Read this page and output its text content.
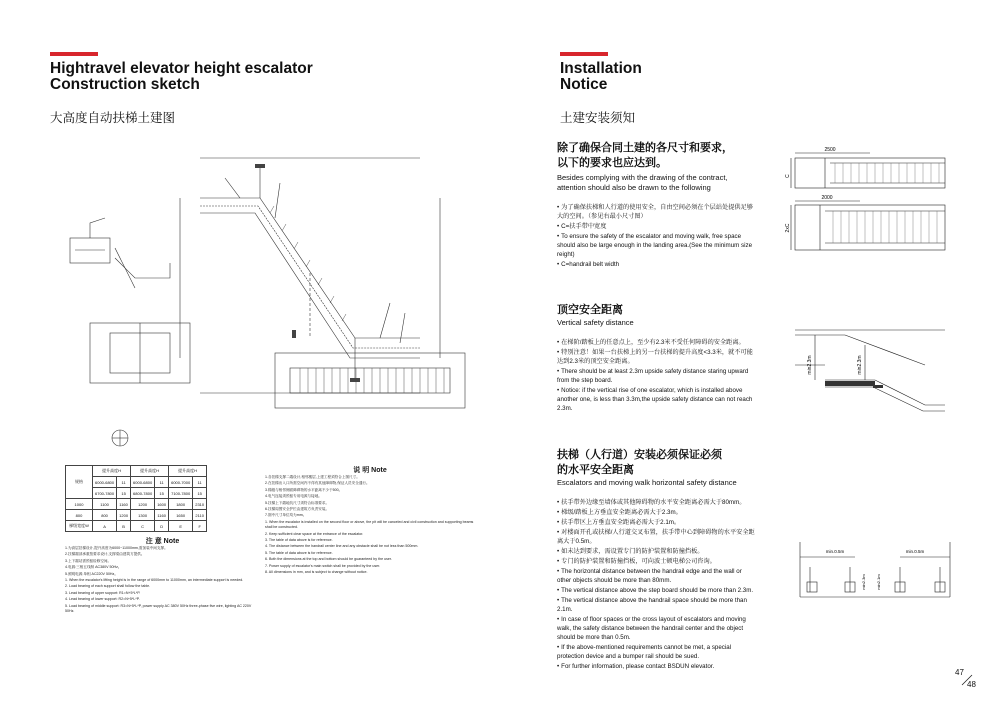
Hightravel elevator height escalator
Construction sketch
大高度自动扶梯土建图
规格	提升高度H		提升高度H		提升高度H	
	6000-6800	11	6000-6800	11	6000-7000	11
	6700-7800	15	6800-7800	15	7100-7800	15
1000	1100	1160	1200	1600	1800	2310
800	800	1200	1300	1160	1650	2110
梯级宽度W	A	B	C	D	E	F
注 意 Note

1.为高层扶梯设计,提升高度为6000~11000mm,需加装中间支撑。

2.扶梯端部承重按要求设计,支撑梁由建筑方提供。

3.上下端站需预留检修空间。

4.电源:三相五线制 AC380V 50Hz。

5.照明电源:单相 AC220V 50Hz。

1. When the escalator's lifting height is in the range of 6000mm to 11000mm, an intermediate support is needed.

2. Load bearing of each support shall follow the table.

3. Lead bearing of upper support: R1=N+5*L*P.

4. Lead bearing of lower support: R2=N+5*L*P.

5. Load bearing of middle support: R3=N+5*L*P, power supply AC 380V 50Hz three-phase five wire, lighting AC 220V 50Hz.

说 明 Note

1.各扶梯支撑二端设计,相邻楼层,上建工程须符合上图尺寸。

2.在扶梯出入口所需空间内不得有其他障碍物,保证人员安全通行。

3.梯级与相邻侧面障碍物的水平距离不少于500。

4.电气连接须预留专用电源与接地。

5.扶梯上下端地坑尺寸须符合标准要求。

6.扶梯周围安全护栏由建筑方负责安装。

7.图中尺寸单位均为mm。

1. When the escalator is installed on the second floor or above, the pit will be canceled and civil construction and supporting beams shall be constructed.

2. Keep sufficient clear space at the entrance of the escalator.

3. The table of data above is for reference.

4. The distance between the handrail center line and any obstacle shall be not less than 500mm.

5. The table of data above is for reference.

6. Both the dimensions at the top and bottom should be guaranteed by the user.

7. Power supply of escalator's main switch shall be provided by the user.

8. All dimensions in mm, and is subject to change without notice.

Installation
Notice
土建安装须知
除了确保合同土建的各尺寸和要求，
以下的要求也应达到。
Besides complying with the drawing of the contract,
attention should also be drawn to the following
• 为了确保扶梯和人行道的使用安全，自由空间必须在个层站处提供足够大的空间。（参见右最小尺寸图）
• C=扶手带中宽度
• To ensure the safety of the escalator and moving walk, free space should also be large enough in the landing area.(See the minimum size reight)
• C=handrail belt width
顶空安全距离
Vertical safety distance
• 在梯阶/踏板上的任意点上，至少有2.3米不受任何障碍的安全距离。
• 特别注意！如果一台扶梯上的另一台扶梯的提升高度<3.3米，就不可能达到2.3米的顶空安全距离。
• There should be at least 2.3m upside safety distance staring upward from the step board.
• Notice: if the vertical rise of one escalator, which is installed above another one, is less than 3.3m,the upside safety distance can not reach 2.3m.
扶梯（人行道）安装必须保证必须
的水平安全距离
Escalators and moving walk horizontal safety distance
• 扶手带外边缘至墙体或其他障碍物的水平安全距离必需大于80mm。
• 梯级/踏板上方垂直安全距离必需大于2.3m。
• 扶手带区上方垂直安全距离必需大于2.1m。
• 对楼面开孔或扶梯/人行道交叉布置，扶手带中心到障碍物的水平安全距离大于0.5m。
• 如未达到要求，需设置专门的防护装置和防撞挡板。
• 专门的防护装置和防撞挡板，可向波士顿电梯公司咨询。
• The horizontal distance between the handrail edge and the wall or other objects should be more than 80mm.
• The vertical distance above the step board should be more than 2.3m.
• The vertical distance above the handrail space should be more than 2.1m.
• In case of floor spaces or the cross layout of escalators and moving walk, the safety distance between the handrail center and the object should be more than 0.5m.
• If the above-mentioned requirements cannot be met, a special protection device and a bumper rail should be sued.
• For further information, please contact BSDUN elevator.
2500
C
2000
2xC
min2.3m	min2.3m
min.0.5m	min.0.5m
min2.3m	min2.1m
47
48
